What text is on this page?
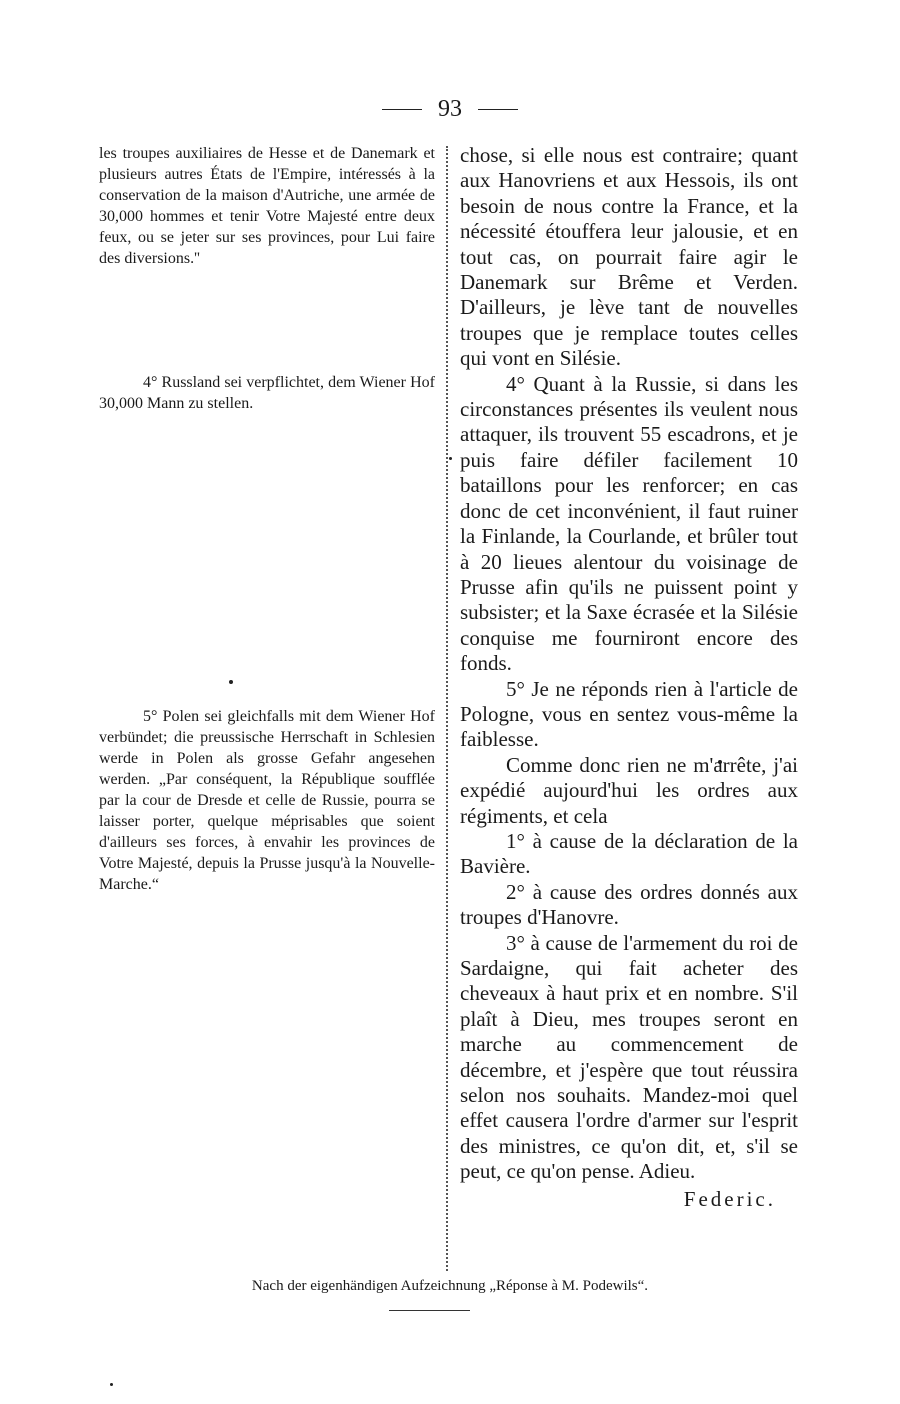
93

les troupes auxiliaires de Hesse et de Danemark et plusieurs autres États de l'Empire, intéressés à la conservation de la maison d'Autriche, une armée de 30,000 hommes et tenir Votre Majesté entre deux feux, ou se jeter sur ses provinces, pour Lui faire des diversions.''

4° Russland sei verpflichtet, dem Wiener Hof 30,000 Mann zu stellen.

5° Polen sei gleichfalls mit dem Wiener Hof verbündet; die preussische Herrschaft in Schlesien werde in Polen als grosse Gefahr angesehen werden. „Par conséquent, la République soufflée par la cour de Dresde et celle de Russie, pourra se laisser porter, quelque méprisables que soient d'ailleurs ses forces, à envahir les provinces de Votre Majesté, depuis la Prusse jusqu'à la Nouvelle-Marche.“

chose, si elle nous est contraire; quant aux Hanovriens et aux Hessois, ils ont besoin de nous contre la France, et la nécessité étouffera leur jalousie, et en tout cas, on pourrait faire agir le Danemark sur Brême et Verden. D'ailleurs, je lève tant de nouvelles troupes que je remplace toutes celles qui vont en Silésie.

4° Quant à la Russie, si dans les circonstances présentes ils veulent nous attaquer, ils trouvent 55 escadrons, et je puis faire défiler facilement 10 bataillons pour les renforcer; en cas donc de cet inconvénient, il faut ruiner la Finlande, la Courlande, et brûler tout à 20 lieues alentour du voisinage de Prusse afin qu'ils ne puissent point y subsister; et la Saxe écrasée et la Silésie conquise me fourniront encore des fonds.

5° Je ne réponds rien à l'article de Pologne, vous en sentez vous-même la faiblesse.

Comme donc rien ne m'arrête, j'ai expédié aujourd'hui les ordres aux régiments, et cela

1° à cause de la déclaration de la Bavière.

2° à cause des ordres donnés aux troupes d'Hanovre.

3° à cause de l'armement du roi de Sardaigne, qui fait acheter des cheveaux à haut prix et en nombre. S'il plaît à Dieu, mes troupes seront en marche au commencement de décembre, et j'espère que tout réussira selon nos souhaits. Mandez-moi quel effet causera l'ordre d'armer sur l'esprit des ministres, ce qu'on dit, et, s'il se peut, ce qu'on pense. Adieu.

Federic.

Nach der eigenhändigen Aufzeichnung „Réponse à M. Podewils“.
